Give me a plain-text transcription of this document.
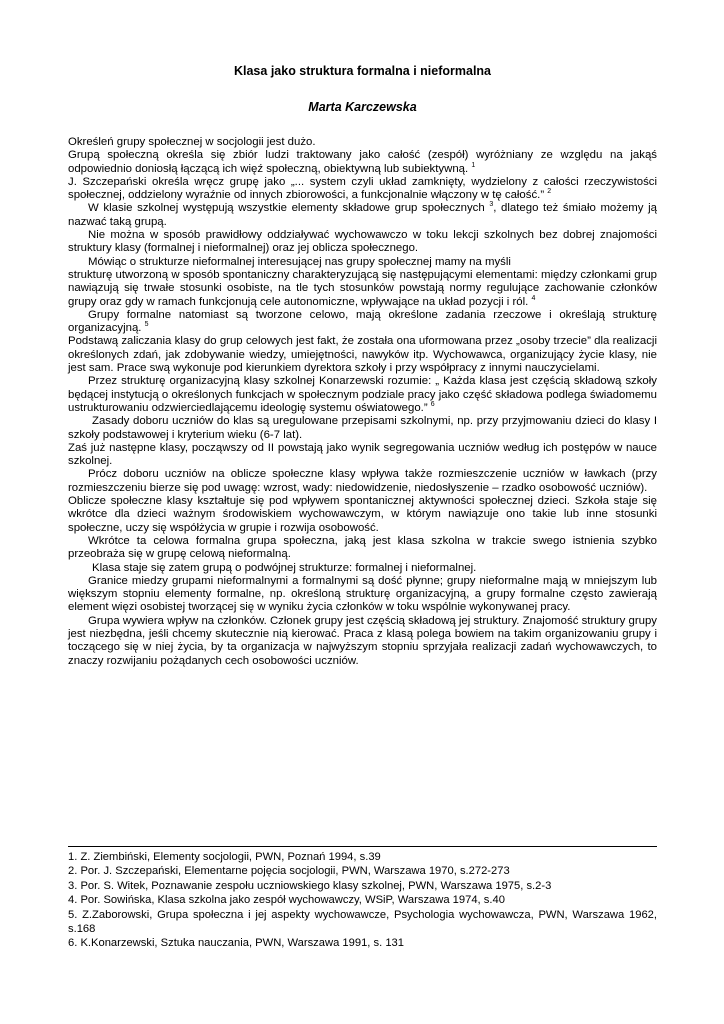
Klasa jako struktura formalna i nieformalna
Marta Karczewska

Określeń grupy społecznej w socjologii jest dużo.

Grupą społeczną określa się zbiór ludzi traktowany jako całość (zespół) wyróżniany ze względu na jakąś odpowiednio doniosłą łączącą ich więź społeczną, obiektywną lub subiektywną. $^1$

J. Szczepański określa wręcz grupę jako „... system czyli układ zamknięty, wydzielony z całości rzeczywistości społecznej, oddzielony wyraźnie od innych zbiorowości, a funkcjonalnie włączony w tę całość.” $^2$

W klasie szkolnej występują wszystkie elementy składowe grup społecznych $^3$, dlatego też śmiało możemy ją nazwać taką grupą.

Nie można w sposób prawidłowy oddziaływać wychowawczo w toku lekcji szkolnych bez dobrej znajomości struktury klasy (formalnej i nieformalnej) oraz jej oblicza społecznego.

Mówiąc o strukturze nieformalnej interesującej nas grupy społecznej mamy na myśli

strukturę utworzoną w sposób spontaniczny charakteryzującą się następującymi elementami: między członkami grup nawiązują się trwałe stosunki osobiste, na tle tych stosunków powstają normy regulujące zachowanie członków grupy oraz gdy w ramach funkcjonują cele autonomiczne, wpływające na układ pozycji i ról. $^4$

Grupy formalne natomiast są tworzone celowo, mają określone zadania rzeczowe i określają strukturę organizacyjną. $^5$

Podstawą zaliczania klasy do grup celowych jest fakt, że została ona uformowana przez „osoby trzecie” dla realizacji określonych zdań, jak zdobywanie wiedzy, umiejętności, nawyków itp. Wychowawca, organizujący życie klasy, nie jest sam. Prace swą wykonuje pod kierunkiem dyrektora szkoły i przy współpracy z innymi nauczycielami.

Przez strukturę organizacyjną klasy szkolnej Konarzewski rozumie: „ Każda klasa jest częścią składową szkoły będącej instytucją o określonych funkcjach w społecznym podziale pracy jako część składowa podlega świadomemu ustrukturowaniu odzwierciedlającemu ideologię systemu oświatowego.” $^6$

Zasady doboru uczniów do klas są uregulowane przepisami szkolnymi, np. przy przyjmowaniu dzieci do klasy I szkoły podstawowej i kryterium wieku (6-7 lat).

Zaś już następne klasy, począwszy od II powstają jako wynik segregowania uczniów według ich postępów w nauce szkolnej.

Prócz doboru uczniów na oblicze społeczne klasy wpływa także rozmieszczenie uczniów w ławkach (przy rozmieszczeniu bierze się pod uwagę: wzrost, wady: niedowidzenie, niedosłyszenie – rzadko osobowość uczniów).

Oblicze społeczne klasy kształtuje się pod wpływem spontanicznej aktywności społecznej dzieci. Szkoła staje się wkrótce dla dzieci ważnym środowiskiem wychowawczym, w którym nawiązuje ono takie lub inne stosunki społeczne, uczy się współżycia w grupie i rozwija osobowość.

Wkrótce ta celowa formalna grupa społeczna, jaką jest klasa szkolna w trakcie swego istnienia szybko przeobraża się w grupę celową nieformalną.

Klasa staje się zatem grupą o podwójnej strukturze: formalnej i nieformalnej.

Granice miedzy grupami nieformalnymi a formalnymi są dość płynne; grupy nieformalne mają w mniejszym lub większym stopniu elementy formalne, np. określoną strukturę organizacyjną, a grupy formalne często zawierają element więzi osobistej tworzącej się w wyniku życia członków w toku wspólnie wykonywanej pracy.

Grupa wywiera wpływ na członków. Członek grupy jest częścią składową jej struktury. Znajomość struktury grupy jest niezbędna, jeśli chcemy skutecznie nią kierować. Praca z klasą polega bowiem na takim organizowaniu grupy i toczącego się w niej życia, by ta organizacja w najwyższym stopniu sprzyjała realizacji zadań wychowawczych, to znaczy rozwijaniu pożądanych cech osobowości uczniów.

1. Z. Ziembiński, Elementy socjologii, PWN, Poznań 1994, s.39

2. Por. J. Szczepański, Elementarne pojęcia socjologii, PWN, Warszawa 1970, s.272-273

3. Por. S. Witek, Poznawanie zespołu uczniowskiego klasy szkolnej, PWN, Warszawa 1975, s.2-3

4. Por. Sowińska, Klasa szkolna jako zespół wychowawczy, WSiP, Warszawa 1974, s.40

5. Z.Zaborowski, Grupa społeczna i jej aspekty wychowawcze, Psychologia wychowawcza, PWN, Warszawa 1962, s.168

6. K.Konarzewski, Sztuka nauczania, PWN, Warszawa 1991, s. 131
